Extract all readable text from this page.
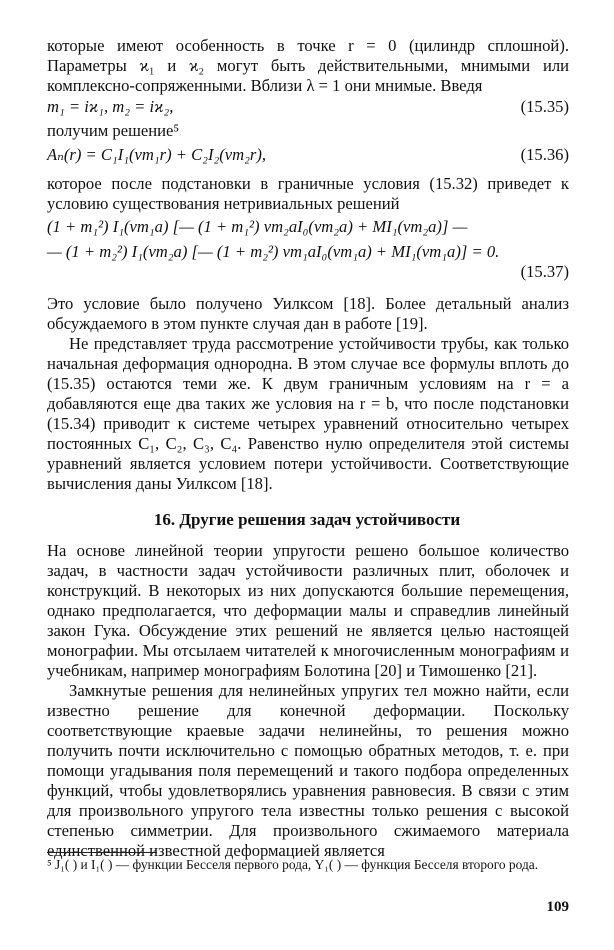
которые имеют особенность в точке r = 0 (цилиндр сплошной). Параметры ϰ₁ и ϰ₂ могут быть действительными, мнимыми или комплексно-сопряженными. Вблизи λ = 1 они мнимые. Введя

m₁ = iϰ₁, m₂ = iϰ₂,	(15.35)

получим решение⁵

Aₙ(r) = C₁I₁(νm₁r) + C₂I₂(νm₂r),	(15.36)

которое после подстановки в граничные условия (15.32) приведет к условию существования нетривиальных решений

(1 + m₁²) I₁(νm₁a) [— (1 + m₁²) νm₂aI₀(νm₂a) + MI₁(νm₂a)] —
— (1 + m₂²) I₁(νm₂a) [— (1 + m₂²) νm₁aI₀(νm₁a) + MI₁(νm₁a)] = 0.
(15.37)

Это условие было получено Уилксом [18]. Более детальный анализ обсуждаемого в этом пункте случая дан в работе [19].

Не представляет труда рассмотрение устойчивости трубы, как только начальная деформация однородна. В этом случае все формулы вплоть до (15.35) остаются теми же. К двум граничным условиям на r = a добавляются еще два таких же условия на r = b, что после подстановки (15.34) приводит к системе четырех уравнений относительно четырех постоянных C₁, C₂, C₃, C₄. Равенство нулю определителя этой системы уравнений является условием потери устойчивости. Соответствующие вычисления даны Уилксом [18].

16. Другие решения задач устойчивости

На основе линейной теории упругости решено большое количество задач, в частности задач устойчивости различных плит, оболочек и конструкций. В некоторых из них допускаются большие перемещения, однако предполагается, что деформации малы и справедлив линейный закон Гука. Обсуждение этих решений не является целью настоящей монографии. Мы отсылаем читателей к многочисленным монографиям и учебникам, например монографиям Болотина [20] и Тимошенко [21].

Замкнутые решения для нелинейных упругих тел можно найти, если известно решение для конечной деформации. Поскольку соответствующие краевые задачи нелинейны, то решения можно получить почти исключительно с помощью обратных методов, т. е. при помощи угадывания поля перемещений и такого подбора определенных функций, чтобы удовлетворялись уравнения равновесия. В связи с этим для произвольного упругого тела известны только решения с высокой степенью симметрии. Для произвольного сжимаемого материала единственной известной деформацией является

⁵ J₁( ) и I₁( ) — функции Бесселя первого рода, Y₁( ) — функция Бесселя второго рода.
109
